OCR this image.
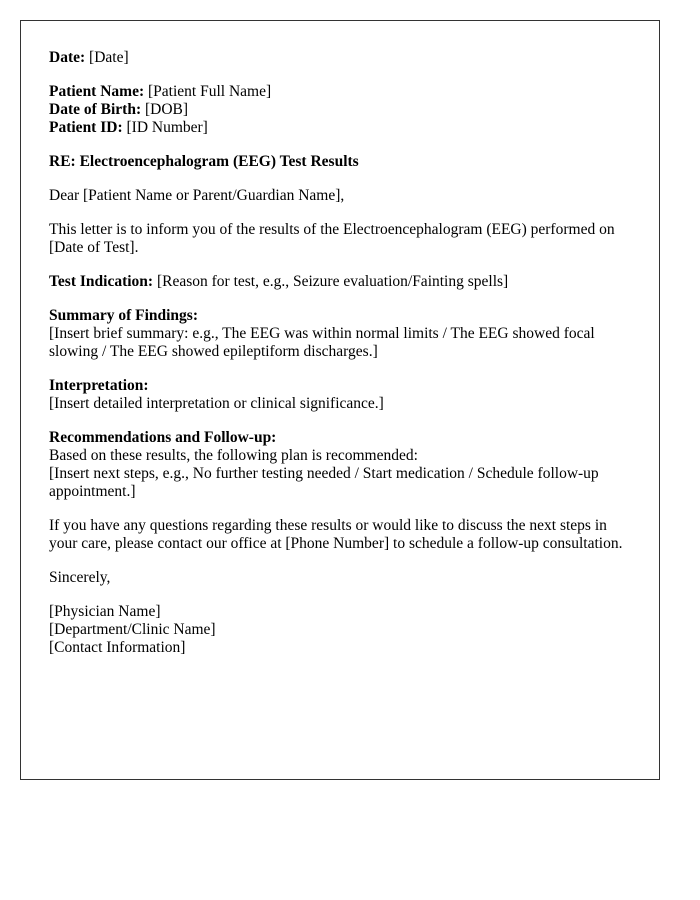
Date: [Date]

Patient Name: [Patient Full Name]
Date of Birth: [DOB]
Patient ID: [ID Number]

RE: Electroencephalogram (EEG) Test Results

Dear [Patient Name or Parent/Guardian Name],

This letter is to inform you of the results of the Electroencephalogram (EEG) performed on [Date of Test].

Test Indication: [Reason for test, e.g., Seizure evaluation/Fainting spells]

Summary of Findings:
[Insert brief summary: e.g., The EEG was within normal limits / The EEG showed focal slowing / The EEG showed epileptiform discharges.]

Interpretation:
[Insert detailed interpretation or clinical significance.]

Recommendations and Follow-up:
Based on these results, the following plan is recommended:
[Insert next steps, e.g., No further testing needed / Start medication / Schedule follow-up appointment.]

If you have any questions regarding these results or would like to discuss the next steps in your care, please contact our office at [Phone Number] to schedule a follow-up consultation.

Sincerely,

[Physician Name]
[Department/Clinic Name]
[Contact Information]
